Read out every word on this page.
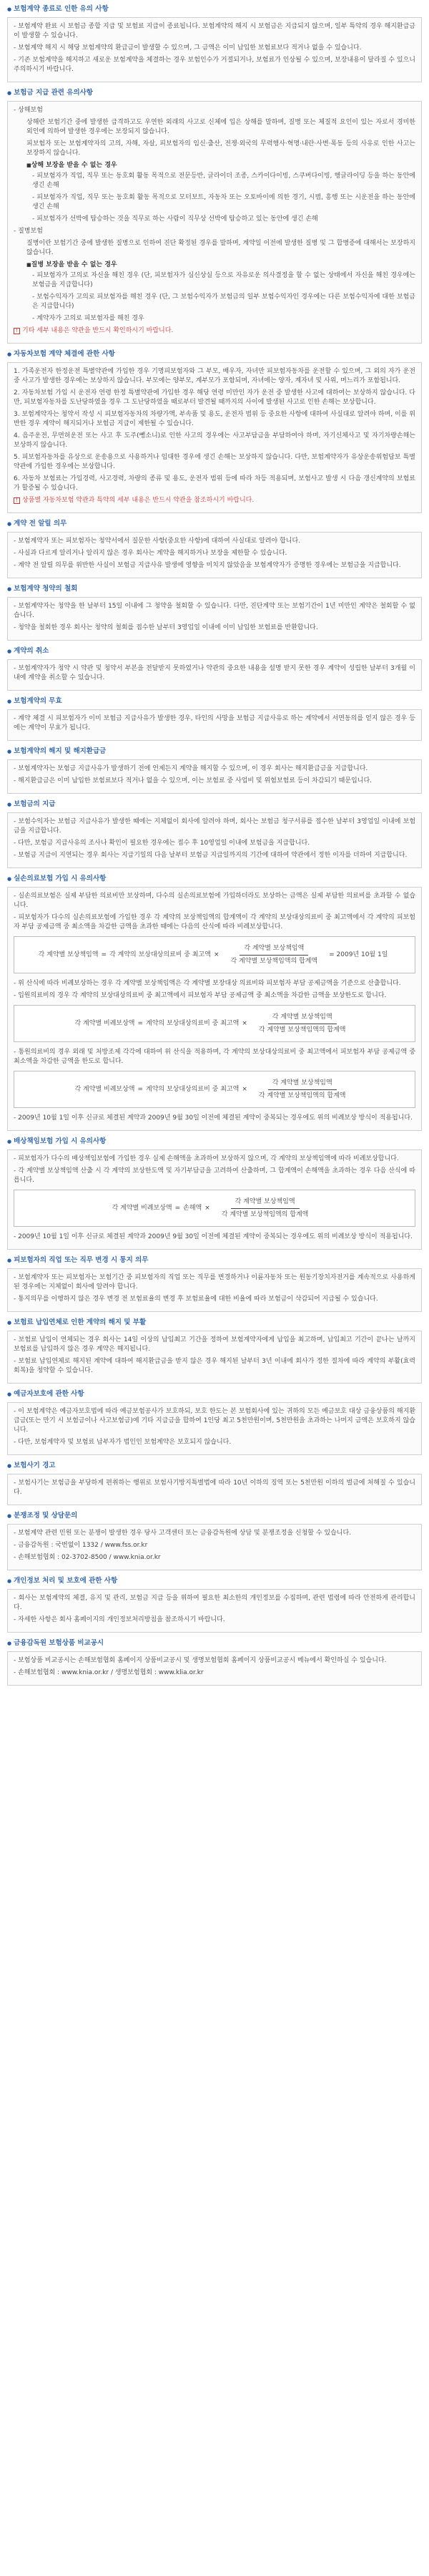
● 보험계약 종료로 인한 유의 사항
- 보험계약 완료 시 보험금 종합 지급 및 보험료 지급이 종료됩니다. 보험계약의 해지 시 보험금은 지급되지 않으며, 일부 특약의 경우 해지환급금이 발생할 수 있습니다.
- 보험계약 해지 시 해당 보험계약의 환급금이 발생할 수 있으며, 그 금액은 이미 납입한 보험료보다 적거나 없을 수 있습니다.
- 기존 보험계약을 해지하고 새로운 보험계약을 체결하는 경우 보험인수가 거절되거나, 보험료가 인상될 수 있으며, 보장내용이 달라질 수 있으니 주의하시기 바랍니다.
● 보험금 지급 관련 유의사항
- 상해보험
상해란 보험기간 중에 발생한 급격하고도 우연한 외래의 사고로 신체에 입은 상해를 말하며, 질병 또는 체질적 요인이 있는 자로서 경미한 외인에 의하여 발생한 경우에는 보장되지 않습니다.
피보험자 또는 보험계약자의 고의, 자해, 자살, 피보험자의 임신·출산, 전쟁·외국의 무력행사·혁명·내란·사변·폭동 등의 사유로 인한 사고는 보장하지 않습니다.
■ 상해 보장을 받을 수 없는 경우
- 피보험자가 직업, 직무 또는 동호회 활동 목적으로 전문등반, 글라이더 조종, 스카이다이빙, 스쿠버다이빙, 행글라이딩 등을 하는 동안에 생긴 손해
- 피보험자가 직업, 직무 또는 동호회 활동 목적으로 모터보트, 자동차 또는 오토바이에 의한 경기, 시범, 흥행 또는 시운전을 하는 동안에 생긴 손해
- 피보험자가 선박에 탑승하는 것을 직무로 하는 사람이 직무상 선박에 탑승하고 있는 동안에 생긴 손해
- 질병보험
질병이란 보험기간 중에 발생한 질병으로 인하여 진단 확정된 경우를 말하며, 계약일 이전에 발생한 질병 및 그 합병증에 대해서는 보장하지 않습니다.
■ 질병 보장을 받을 수 없는 경우
- 피보험자가 고의로 자신을 해친 경우 (단, 피보험자가 심신상실 등으로 자유로운 의사결정을 할 수 없는 상태에서 자신을 해친 경우에는 보험금을 지급합니다)
- 보험수익자가 고의로 피보험자를 해친 경우 (단, 그 보험수익자가 보험금의 일부 보험수익자인 경우에는 다른 보험수익자에 대한 보험금은 지급합니다)
- 계약자가 고의로 피보험자를 해친 경우
! 기타 세부 내용은 약관을 반드시 확인하시기 바랍니다.
● 자동차보험 계약 체결에 관한 사항
1. 가족운전자 한정운전 특별약관에 가입한 경우 기명피보험자와 그 부모, 배우자, 자녀만 피보험자동차를 운전할 수 있으며, 그 외의 자가 운전 중 사고가 발생한 경우에는 보상하지 않습니다. 부모에는 양부모, 계부모가 포함되며, 자녀에는 양자, 계자녀 및 사위, 며느리가 포함됩니다.
2. 자동차보험 가입 시 운전자 연령 한정 특별약관에 가입한 경우 해당 연령 미만인 자가 운전 중 발생한 사고에 대하여는 보상하지 않습니다. 다만, 피보험자동차를 도난당하였을 경우 그 도난당하였을 때로부터 발견될 때까지의 사이에 발생된 사고로 인한 손해는 보상합니다.
3. 보험계약자는 청약서 작성 시 피보험자동차의 차량가액, 부속품 및 용도, 운전자 범위 등 중요한 사항에 대하여 사실대로 알려야 하며, 이를 위반한 경우 계약이 해지되거나 보험금 지급이 제한될 수 있습니다.
4. 음주운전, 무면허운전 또는 사고 후 도주(뺑소니)로 인한 사고의 경우에는 사고부담금을 부담하여야 하며, 자기신체사고 및 자기차량손해는 보상하지 않습니다.
5. 피보험자동차를 유상으로 운송용으로 사용하거나 임대한 경우에 생긴 손해는 보상하지 않습니다. 다만, 보험계약자가 유상운송위험담보 특별약관에 가입한 경우에는 보상합니다.
6. 자동차 보험료는 가입경력, 사고경력, 차량의 종류 및 용도, 운전자 범위 등에 따라 차등 적용되며, 보험사고 발생 시 다음 갱신계약의 보험료가 할증될 수 있습니다.
! 상품별 자동차보험 약관과 특약의 세부 내용은 반드시 약관을 참조하시기 바랍니다.
● 계약 전 알릴 의무
- 보험계약자 또는 피보험자는 청약서에서 질문한 사항(중요한 사항)에 대하여 사실대로 알려야 합니다.
- 사실과 다르게 알리거나 알리지 않은 경우 회사는 계약을 해지하거나 보장을 제한할 수 있습니다.
- 계약 전 알릴 의무를 위반한 사실이 보험금 지급사유 발생에 영향을 미치지 않았음을 보험계약자가 증명한 경우에는 보험금을 지급합니다.
● 보험계약 청약의 철회
- 보험계약자는 청약을 한 날부터 15일 이내에 그 청약을 철회할 수 있습니다. 다만, 진단계약 또는 보험기간이 1년 미만인 계약은 철회할 수 없습니다.
- 청약을 철회한 경우 회사는 청약의 철회를 접수한 날부터 3영업일 이내에 이미 납입한 보험료를 반환합니다.
● 계약의 취소
- 보험계약자가 청약 시 약관 및 청약서 부본을 전달받지 못하였거나 약관의 중요한 내용을 설명 받지 못한 경우 계약이 성립한 날부터 3개월 이내에 계약을 취소할 수 있습니다.
● 보험계약의 무효
- 계약 체결 시 피보험자가 이미 보험금 지급사유가 발생한 경우, 타인의 사망을 보험금 지급사유로 하는 계약에서 서면동의를 얻지 않은 경우 등에는 계약이 무효가 됩니다.
● 보험계약의 해지 및 해지환급금
- 보험계약자는 보험금 지급사유가 발생하기 전에 언제든지 계약을 해지할 수 있으며, 이 경우 회사는 해지환급금을 지급합니다.
- 해지환급금은 이미 납입한 보험료보다 적거나 없을 수 있으며, 이는 보험료 중 사업비 및 위험보험료 등이 차감되기 때문입니다.
● 보험금의 지급
- 보험수익자는 보험금 지급사유가 발생한 때에는 지체없이 회사에 알려야 하며, 회사는 보험금 청구서류를 접수한 날부터 3영업일 이내에 보험금을 지급합니다.
- 다만, 보험금 지급사유의 조사나 확인이 필요한 경우에는 접수 후 10영업일 이내에 보험금을 지급합니다.
- 보험금 지급이 지연되는 경우 회사는 지급기일의 다음 날부터 보험금 지급일까지의 기간에 대하여 약관에서 정한 이자를 더하여 지급합니다.
● 실손의료보험 가입 시 유의사항
- 실손의료보험은 실제 부담한 의료비만 보상하며, 다수의 실손의료보험에 가입하더라도 보상하는 금액은 실제 부담한 의료비를 초과할 수 없습니다.
- 피보험자가 다수의 실손의료보험에 가입한 경우 각 계약의 보상책임액의 합계액이 각 계약의 보상대상의료비 중 최고액에서 각 계약의 피보험자 부담 공제금액 중 최소액을 차감한 금액을 초과한 때에는 다음의 산식에 따라 비례보상합니다.
각 계약별 보상책임액 = 각 계약의 보상대상의료비 중 최고액 × $\frac{\text{각 계약별 보상책임액}}{\text{각 계약별 보상책임액의 합계액}} = 2009$년 10월 1일
- 위 산식에 따라 비례보상하는 경우 각 계약별 보상책임액은 각 계약별 보장대상 의료비와 피보험자 부담 공제금액을 기준으로 산출합니다.
- 입원의료비의 경우 각 계약의 보상대상의료비 중 최고액에서 피보험자 부담 공제금액 중 최소액을 차감한 금액을 보상한도로 합니다.
각 계약별 비례보상액 = 계약의 보상대상의료비 중 최고액 × $\frac{\text{각 계약별 보상책임액}}{\text{각 계약별 보상책임액의 합계액}}$
- 통원의료비의 경우 외래 및 처방조제 각각에 대하여 위 산식을 적용하며, 각 계약의 보상대상의료비 중 최고액에서 피보험자 부담 공제금액 중 최소액을 차감한 금액을 한도로 합니다.
각 계약별 비례보상액 = 계약의 보상대상의료비 중 최고액 × $\frac{\text{각 계약별 보상책임액}}{\text{각 계약별 보상책임액의 합계액}}$
- 2009년 10월 1일 이후 신규로 체결된 계약과 2009년 9월 30일 이전에 체결된 계약이 중복되는 경우에도 위의 비례보상 방식이 적용됩니다.
● 배상책임보험 가입 시 유의사항
- 피보험자가 다수의 배상책임보험에 가입한 경우 실제 손해액을 초과하여 보상하지 않으며, 각 계약의 보상책임액에 따라 비례보상합니다.
- 각 계약별 보상책임액 산출 시 각 계약의 보상한도액 및 자기부담금을 고려하여 산출하며, 그 합계액이 손해액을 초과하는 경우 다음 산식에 따릅니다.
각 계약별 비례보상액 = 손해액 × $\frac{\text{각 계약별 보상책임액}}{\text{각 계약별 보상책임액의 합계액}}$
- 2009년 10월 1일 이후 신규로 체결된 계약과 2009년 9월 30일 이전에 체결된 계약이 중복되는 경우에도 위의 비례보상 방식이 적용됩니다.
● 피보험자의 직업 또는 직무 변경 시 통지 의무
- 보험계약자 또는 피보험자는 보험기간 중 피보험자의 직업 또는 직무를 변경하거나 이륜자동차 또는 원동기장치자전거를 계속적으로 사용하게 된 경우에는 지체없이 회사에 알려야 합니다.
- 통지의무를 이행하지 않은 경우 변경 전 보험료율의 변경 후 보험료율에 대한 비율에 따라 보험금이 삭감되어 지급될 수 있습니다.
● 보험료 납입연체로 인한 계약의 해지 및 부활
- 보험료 납입이 연체되는 경우 회사는 14일 이상의 납입최고 기간을 정하여 보험계약자에게 납입을 최고하며, 납입최고 기간이 끝나는 날까지 보험료를 납입하지 않은 경우 계약은 해지됩니다.
- 보험료 납입연체로 해지된 계약에 대하여 해지환급금을 받지 않은 경우 해지된 날부터 3년 이내에 회사가 정한 절차에 따라 계약의 부활(효력회복)을 청약할 수 있습니다.
● 예금자보호에 관한 사항
- 이 보험계약은 예금자보호법에 따라 예금보험공사가 보호하되, 보호 한도는 본 보험회사에 있는 귀하의 모든 예금보호 대상 금융상품의 해지환급금(또는 만기 시 보험금이나 사고보험금)에 기타 지급금을 합하여 1인당 최고 5천만원이며, 5천만원을 초과하는 나머지 금액은 보호하지 않습니다.
- 다만, 보험계약자 및 보험료 납부자가 법인인 보험계약은 보호되지 않습니다.
● 보험사기 경고
- 보험사기는 보험금을 부당하게 편취하는 행위로 보험사기방지특별법에 따라 10년 이하의 징역 또는 5천만원 이하의 벌금에 처해질 수 있습니다.
● 분쟁조정 및 상담문의
- 보험계약 관련 민원 또는 분쟁이 발생한 경우 당사 고객센터 또는 금융감독원에 상담 및 분쟁조정을 신청할 수 있습니다.
- 금융감독원 : 국번없이 1332 / www.fss.or.kr
- 손해보험협회 : 02-3702-8500 / www.knia.or.kr
● 개인정보 처리 및 보호에 관한 사항
- 회사는 보험계약의 체결, 유지 및 관리, 보험금 지급 등을 위하여 필요한 최소한의 개인정보를 수집하며, 관련 법령에 따라 안전하게 관리합니다.
- 자세한 사항은 회사 홈페이지의 개인정보처리방침을 참조하시기 바랍니다.
● 금융감독원 보험상품 비교공시
- 보험상품 비교공시는 손해보험협회 홈페이지 상품비교공시 및 생명보험협회 홈페이지 상품비교공시 메뉴에서 확인하실 수 있습니다.
- 손해보험협회 : www.knia.or.kr / 생명보험협회 : www.klia.or.kr
